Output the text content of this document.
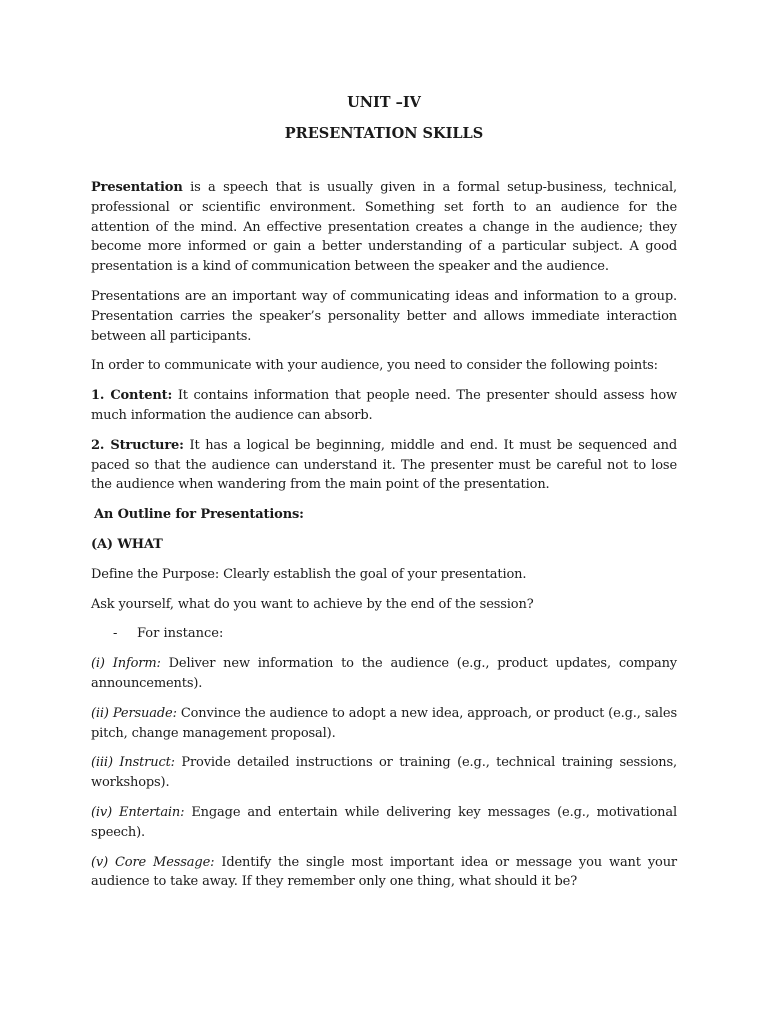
UNIT –IV

PRESENTATION SKILLS

Presentation is a speech that is usually given in a formal setup-business, technical, professional or scientific environment. Something set forth to an audience for the attention of the mind. An effective presentation creates a change in the audience; they become more informed or gain a better understanding of a particular subject. A good presentation is a kind of communication between the speaker and the audience.

Presentations are an important way of communicating ideas and information to a group. Presentation carries the speaker’s personality better and allows immediate interaction between all participants.

In order to communicate with your audience, you need to consider the following points:

1. Content: It contains information that people need. The presenter should assess how much information the audience can absorb.

2. Structure: It has a logical be beginning, middle and end. It must be sequenced and paced so that the audience can understand it. The presenter must be careful not to lose the audience when wandering from the main point of the presentation.

An Outline for Presentations:

(A) WHAT

Define the Purpose: Clearly establish the goal of your presentation.

Ask yourself, what do you want to achieve by the end of the session?

-	For instance:

(i) Inform: Deliver new information to the audience (e.g., product updates, company announcements).

(ii) Persuade: Convince the audience to adopt a new idea, approach, or product (e.g., sales pitch, change management proposal).

(iii) Instruct: Provide detailed instructions or training (e.g., technical training sessions, workshops).

(iv) Entertain: Engage and entertain while delivering key messages (e.g., motivational speech).

(v) Core Message: Identify the single most important idea or message you want your audience to take away. If they remember only one thing, what should it be?
